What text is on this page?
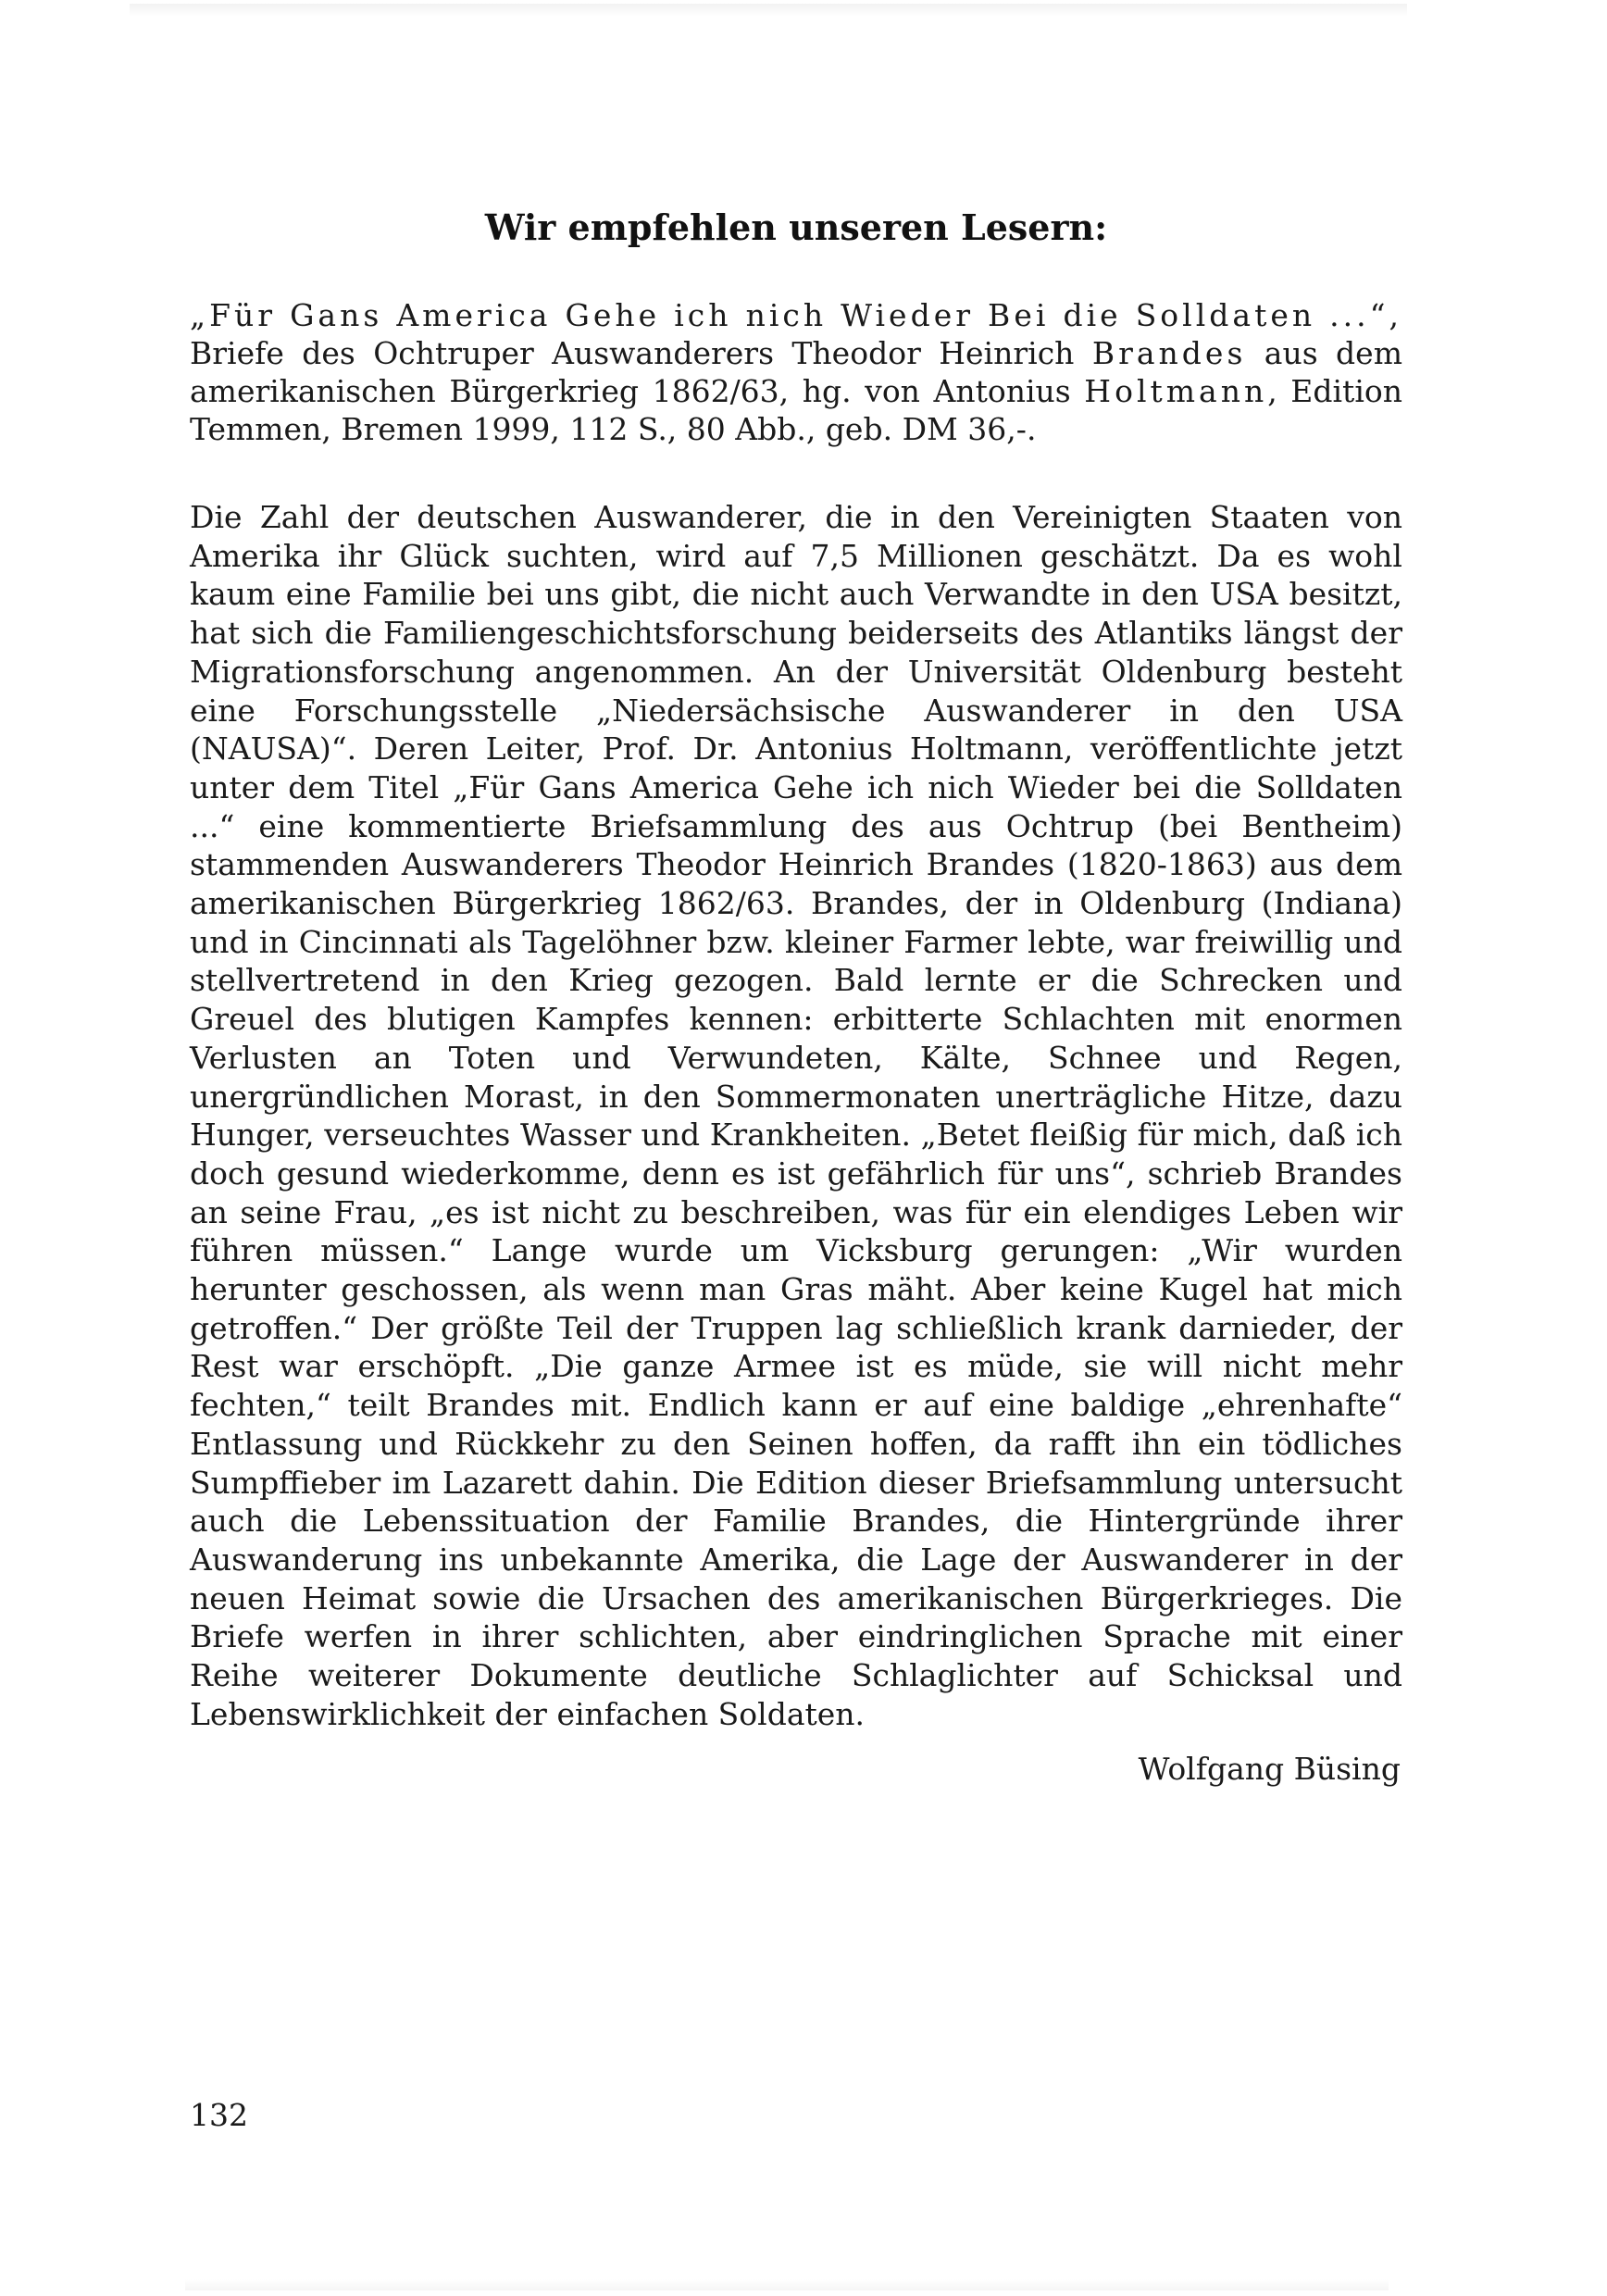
Wir empfehlen unseren Lesern:

„Für Gans America Gehe ich nich Wieder Bei die Solldaten ...“, Briefe des Ochtruper Auswanderers Theodor Heinrich Brandes aus dem amerikanischen Bürgerkrieg 1862/63, hg. von Antonius Holtmann, Edition Temmen, Bremen 1999, 112 S., 80 Abb., geb. DM 36,-.

Die Zahl der deutschen Auswanderer, die in den Vereinigten Staaten von Amerika ihr Glück suchten, wird auf 7,5 Millionen geschätzt. Da es wohl kaum eine Familie bei uns gibt, die nicht auch Verwandte in den USA besitzt, hat sich die Familiengeschichtsforschung beiderseits des Atlantiks längst der Migrationsforschung angenommen. An der Universität Oldenburg besteht eine Forschungsstelle „Niedersächsische Auswanderer in den USA (NAUSA)“. Deren Leiter, Prof. Dr. Antonius Holtmann, veröffentlichte jetzt unter dem Titel „Für Gans America Gehe ich nich Wieder bei die Solldaten ...“ eine kommentierte Briefsammlung des aus Ochtrup (bei Bentheim) stammenden Auswanderers Theodor Heinrich Brandes (1820-1863) aus dem amerikanischen Bürgerkrieg 1862/63. Brandes, der in Oldenburg (Indiana) und in Cincinnati als Tagelöhner bzw. kleiner Farmer lebte, war freiwillig und stellvertretend in den Krieg gezogen. Bald lernte er die Schrecken und Greuel des blutigen Kampfes kennen: erbitterte Schlachten mit enormen Verlusten an Toten und Verwundeten, Kälte, Schnee und Regen, unergründlichen Morast, in den Sommermonaten unerträgliche Hitze, dazu Hunger, verseuchtes Wasser und Krankheiten. „Betet fleißig für mich, daß ich doch gesund wiederkomme, denn es ist gefährlich für uns“, schrieb Brandes an seine Frau, „es ist nicht zu beschreiben, was für ein elendiges Leben wir führen müssen.“ Lange wurde um Vicksburg gerungen: „Wir wurden herunter geschossen, als wenn man Gras mäht. Aber keine Kugel hat mich getroffen.“ Der größte Teil der Truppen lag schließlich krank darnieder, der Rest war erschöpft. „Die ganze Armee ist es müde, sie will nicht mehr fechten,“ teilt Brandes mit. Endlich kann er auf eine baldige „ehrenhafte“ Entlassung und Rückkehr zu den Seinen hoffen, da rafft ihn ein tödliches Sumpffieber im Lazarett dahin. Die Edition dieser Briefsammlung untersucht auch die Lebenssituation der Familie Brandes, die Hintergründe ihrer Auswanderung ins unbekannte Amerika, die Lage der Auswanderer in der neuen Heimat sowie die Ursachen des amerikanischen Bürgerkrieges. Die Briefe werfen in ihrer schlichten, aber eindringlichen Sprache mit einer Reihe weiterer Dokumente deutliche Schlaglichter auf Schicksal und Lebenswirklichkeit der einfachen Soldaten.

Wolfgang Büsing

132
